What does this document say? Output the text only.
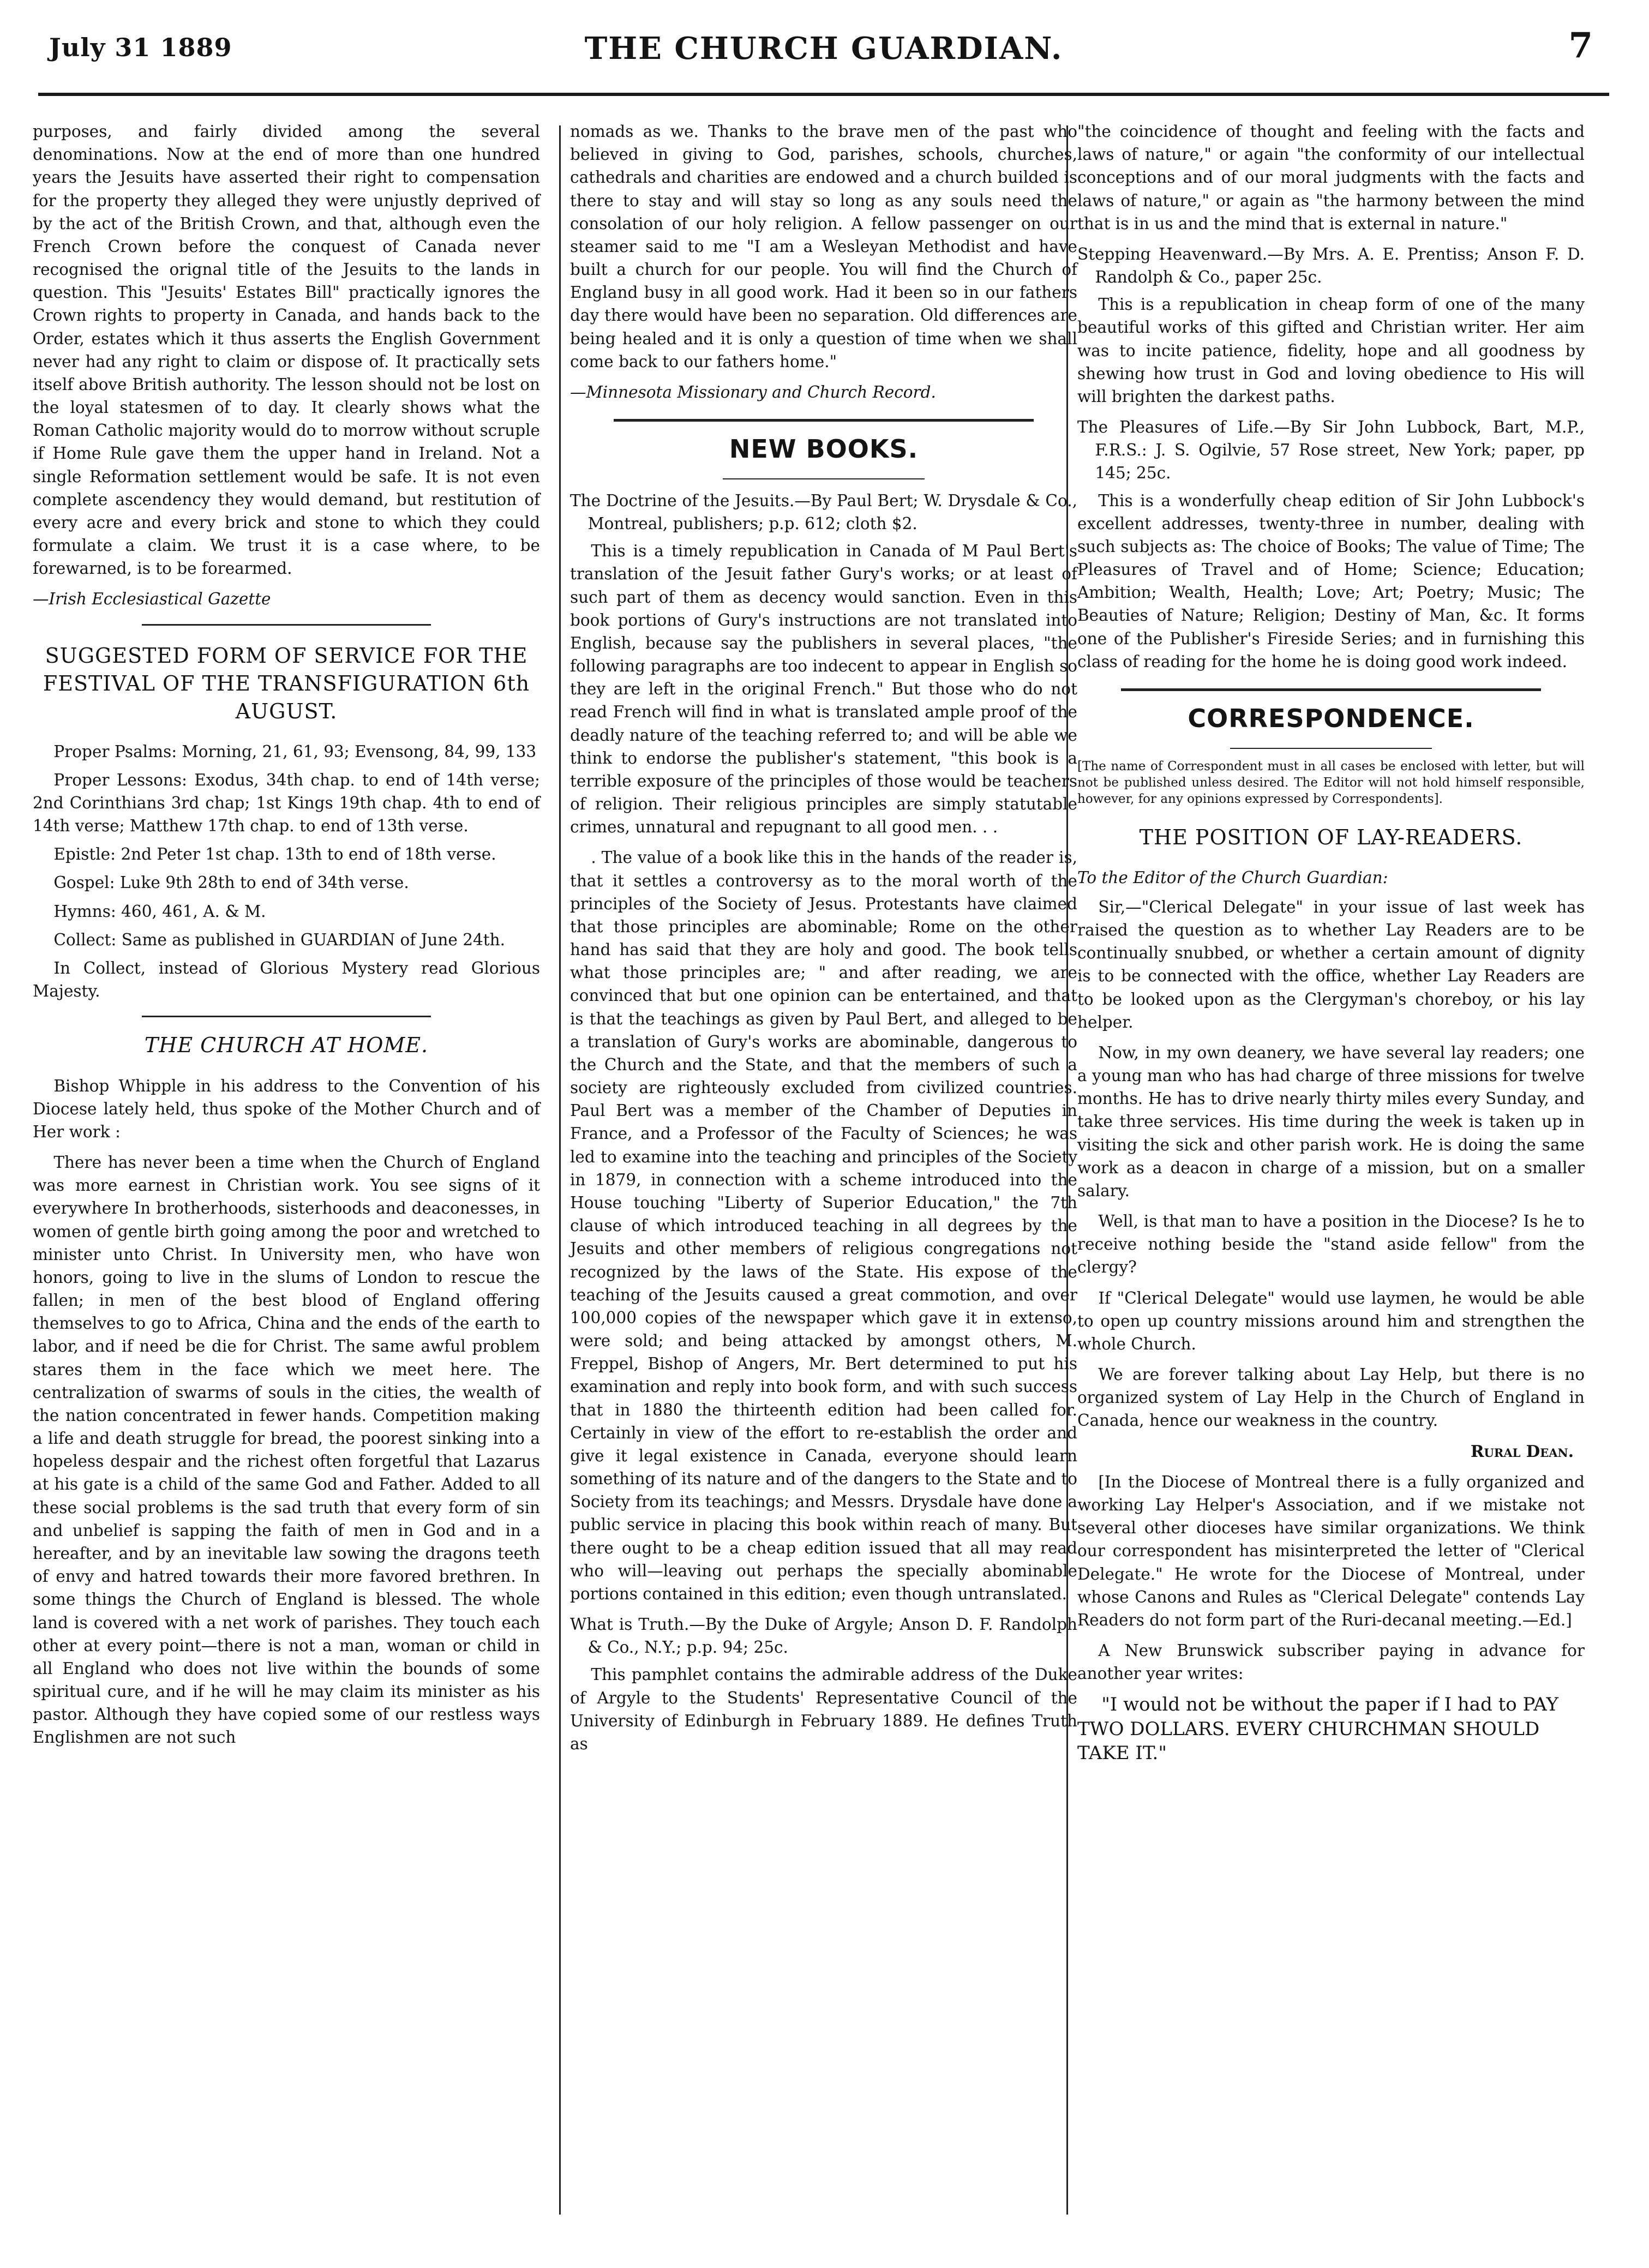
July 31 1889	THE CHURCH GUARDIAN.	7

purposes, and fairly divided among the several denominations. Now at the end of more than one hundred years the Jesuits have asserted their right to compensation for the property they alleged they were unjustly deprived of by the act of the British Crown, and that, although even the French Crown before the conquest of Canada never recognised the orignal title of the Jesuits to the lands in question. This "Jesuits' Estates Bill" practically ignores the Crown rights to property in Canada, and hands back to the Order, estates which it thus asserts the English Government never had any right to claim or dispose of. It practically sets itself above British authority. The lesson should not be lost on the loyal statesmen of to day. It clearly shows what the Roman Catholic majority would do to morrow without scruple if Home Rule gave them the upper hand in Ireland. Not a single Reformation settlement would be safe. It is not even complete ascendency they would demand, but restitution of every acre and every brick and stone to which they could formulate a claim. We trust it is a case where, to be forewarned, is to be forearmed.

—Irish Ecclesiastical Gazette
SUGGESTED FORM OF SERVICE FOR THE FESTIVAL OF THE TRANSFIGURATION 6th AUGUST.

Proper Psalms: Morning, 21, 61, 93; Evensong, 84, 99, 133

Proper Lessons: Exodus, 34th chap. to end of 14th verse; 2nd Corinthians 3rd chap; 1st Kings 19th chap. 4th to end of 14th verse; Matthew 17th chap. to end of 13th verse.

Epistle: 2nd Peter 1st chap. 13th to end of 18th verse.

Gospel: Luke 9th 28th to end of 34th verse.

Hymns: 460, 461, A. & M.

Collect: Same as published in GUARDIAN of June 24th.

In Collect, instead of Glorious Mystery read Glorious Majesty.

THE CHURCH AT HOME.

Bishop Whipple in his address to the Convention of his Diocese lately held, thus spoke of the Mother Church and of Her work :

There has never been a time when the Church of England was more earnest in Christian work. You see signs of it everywhere In brotherhoods, sisterhoods and deaconesses, in women of gentle birth going among the poor and wretched to minister unto Christ. In University men, who have won honors, going to live in the slums of London to rescue the fallen; in men of the best blood of England offering themselves to go to Africa, China and the ends of the earth to labor, and if need be die for Christ. The same awful problem stares them in the face which we meet here. The centralization of swarms of souls in the cities, the wealth of the nation concentrated in fewer hands. Competition making a life and death struggle for bread, the poorest sinking into a hopeless despair and the richest often forgetful that Lazarus at his gate is a child of the same God and Father. Added to all these social problems is the sad truth that every form of sin and unbelief is sapping the faith of men in God and in a hereafter, and by an inevitable law sowing the dragons teeth of envy and hatred towards their more favored brethren. In some things the Church of England is blessed. The whole land is covered with a net work of parishes. They touch each other at every point—there is not a man, woman or child in all England who does not live within the bounds of some spiritual cure, and if he will he may claim its minister as his pastor. Although they have copied some of our restless ways Englishmen are not such

nomads as we. Thanks to the brave men of the past who believed in giving to God, parishes, schools, churches, cathedrals and charities are endowed and a church builded is there to stay and will stay so long as any souls need the consolation of our holy religion. A fellow passenger on our steamer said to me "I am a Wesleyan Methodist and have built a church for our people. You will find the Church of England busy in all good work. Had it been so in our fathers day there would have been no separation. Old differences are being healed and it is only a question of time when we shall come back to our fathers home."

—Minnesota Missionary and Church Record.
NEW BOOKS.

The Doctrine of the Jesuits.—By Paul Bert; W. Drysdale & Co., Montreal, publishers; p.p. 612; cloth $2.

This is a timely republication in Canada of M Paul Bert's translation of the Jesuit father Gury's works; or at least of such part of them as decency would sanction. Even in this book portions of Gury's instructions are not translated into English, because say the publishers in several places, "the following paragraphs are too indecent to appear in English so they are left in the original French." But those who do not read French will find in what is translated ample proof of the deadly nature of the teaching referred to; and will be able we think to endorse the publisher's statement, "this book is a terrible exposure of the principles of those would be teachers of religion. Their religious principles are simply statutable crimes, unnatural and repugnant to all good men. . .

. The value of a book like this in the hands of the reader is, that it settles a controversy as to the moral worth of the principles of the Society of Jesus. Protestants have claimed that those principles are abominable; Rome on the other hand has said that they are holy and good. The book tells what those principles are; " and after reading, we are convinced that but one opinion can be entertained, and that is that the teachings as given by Paul Bert, and alleged to be a translation of Gury's works are abominable, dangerous to the Church and the State, and that the members of such a society are righteously excluded from civilized countries. Paul Bert was a member of the Chamber of Deputies in France, and a Professor of the Faculty of Sciences; he was led to examine into the teaching and principles of the Society in 1879, in connection with a scheme introduced into the House touching "Liberty of Superior Education," the 7th clause of which introduced teaching in all degrees by the Jesuits and other members of religious congregations not recognized by the laws of the State. His expose of the teaching of the Jesuits caused a great commotion, and over 100,000 copies of the newspaper which gave it in extenso, were sold; and being attacked by amongst others, M. Freppel, Bishop of Angers, Mr. Bert determined to put his examination and reply into book form, and with such success that in 1880 the thirteenth edition had been called for. Certainly in view of the effort to re-establish the order and give it legal existence in Canada, everyone should learn something of its nature and of the dangers to the State and to Society from its teachings; and Messrs. Drysdale have done a public service in placing this book within reach of many. But there ought to be a cheap edition issued that all may read who will—leaving out perhaps the specially abominable portions contained in this edition; even though untranslated.

What is Truth.—By the Duke of Argyle; Anson D. F. Randolph & Co., N.Y.; p.p. 94; 25c.

This pamphlet contains the admirable address of the Duke of Argyle to the Students' Representative Council of the University of Edinburgh in February 1889. He defines Truth as

"the coincidence of thought and feeling with the facts and laws of nature," or again "the conformity of our intellectual conceptions and of our moral judgments with the facts and laws of nature," or again as "the harmony between the mind that is in us and the mind that is external in nature."

Stepping Heavenward.—By Mrs. A. E. Prentiss; Anson F. D. Randolph & Co., paper 25c.

This is a republication in cheap form of one of the many beautiful works of this gifted and Christian writer. Her aim was to incite patience, fidelity, hope and all goodness by shewing how trust in God and loving obedience to His will will brighten the darkest paths.

The Pleasures of Life.—By Sir John Lubbock, Bart, M.P., F.R.S.: J. S. Ogilvie, 57 Rose street, New York; paper, pp 145; 25c.

This is a wonderfully cheap edition of Sir John Lubbock's excellent addresses, twenty-three in number, dealing with such subjects as: The choice of Books; The value of Time; The Pleasures of Travel and of Home; Science; Education; Ambition; Wealth, Health; Love; Art; Poetry; Music; The Beauties of Nature; Religion; Destiny of Man, &c. It forms one of the Publisher's Fireside Series; and in furnishing this class of reading for the home he is doing good work indeed.

CORRESPONDENCE.

[The name of Correspondent must in all cases be enclosed with letter, but will not be published unless desired. The Editor will not hold himself responsible, however, for any opinions expressed by Correspondents].

THE POSITION OF LAY-READERS.

To the Editor of the Church Guardian:

Sir,—"Clerical Delegate" in your issue of last week has raised the question as to whether Lay Readers are to be continually snubbed, or whether a certain amount of dignity is to be connected with the office, whether Lay Readers are to be looked upon as the Clergyman's choreboy, or his lay helper.

Now, in my own deanery, we have several lay readers; one a young man who has had charge of three missions for twelve months. He has to drive nearly thirty miles every Sunday, and take three services. His time during the week is taken up in visiting the sick and other parish work. He is doing the same work as a deacon in charge of a mission, but on a smaller salary.

Well, is that man to have a position in the Diocese? Is he to receive nothing beside the "stand aside fellow" from the clergy?

If "Clerical Delegate" would use laymen, he would be able to open up country missions around him and strengthen the whole Church.

We are forever talking about Lay Help, but there is no organized system of Lay Help in the Church of England in Canada, hence our weakness in the country.

Rural Dean.

[In the Diocese of Montreal there is a fully organized and working Lay Helper's Association, and if we mistake not several other dioceses have similar organizations. We think our correspondent has misinterpreted the letter of "Clerical Delegate." He wrote for the Diocese of Montreal, under whose Canons and Rules as "Clerical Delegate" contends Lay Readers do not form part of the Ruri-decanal meeting.—Ed.]

A New Brunswick subscriber paying in advance for another year writes:

"I would not be without the paper if I had to PAY TWO DOLLARS. EVERY CHURCHMAN SHOULD TAKE IT."
